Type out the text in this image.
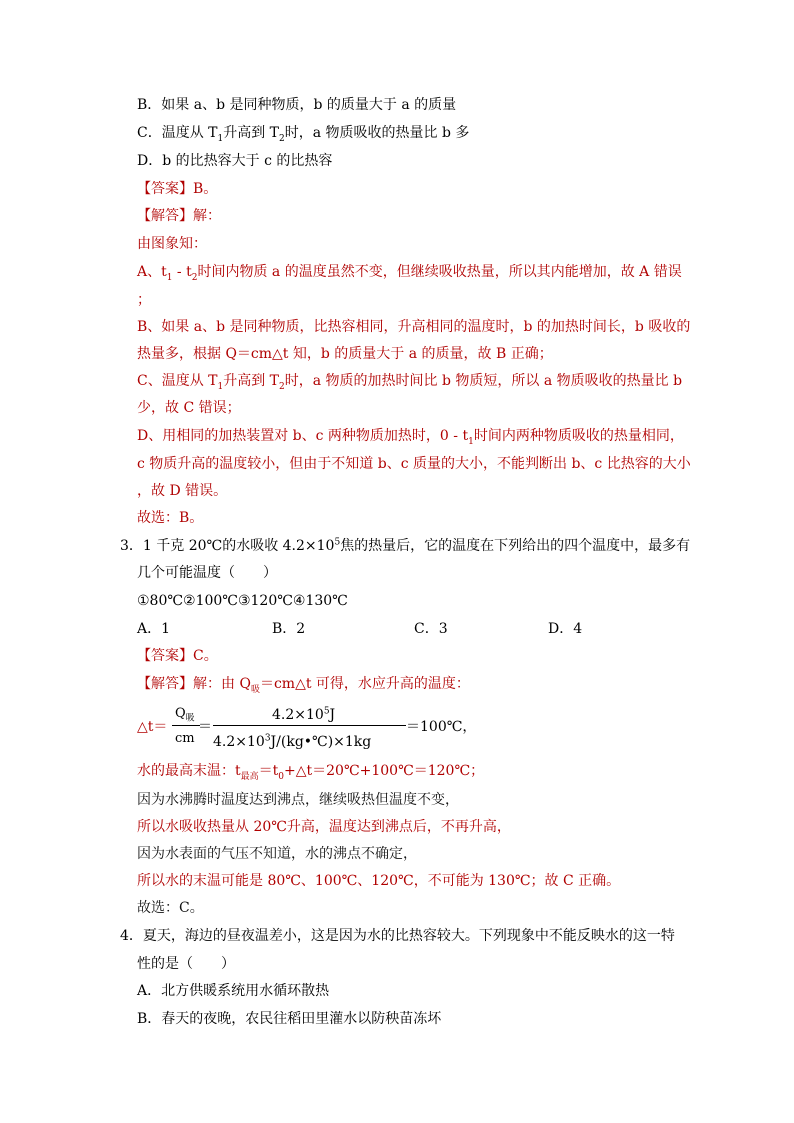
B．如果 a、b 是同种物质，b 的质量大于 a 的质量
C．温度从 $T_1$升高到 $T_2$时，a 物质吸收的热量比 b 多
D．b 的比热容大于 c 的比热容
【答案】B。
【解答】解：
由图象知：
A、$t_1 - t_2$时间内物质 a 的温度虽然不变，但继续吸收热量，所以其内能增加，故 A 错误
；
B、如果 a、b 是同种物质，比热容相同，升高相同的温度时，b 的加热时间长，b 吸收的
热量多，根据 Q＝cm△t 知，b 的质量大于 a 的质量，故 B 正确；
C、温度从 $T_1$升高到 $T_2$时，a 物质的加热时间比 b 物质短，所以 a 物质吸收的热量比 b
少，故 C 错误；
D、用相同的加热装置对 b、c 两种物质加热时，$0 - t_1$时间内两种物质吸收的热量相同，
c 物质升高的温度较小，但由于不知道 b、c 质量的大小，不能判断出 b、c 比热容的大小
，故 D 错误。
故选：B。
3．1 千克 20℃的水吸收 $4.2\times 10^5$焦的热量后，它的温度在下列给出的四个温度中，最多有
几个可能温度（　　）
①80℃②100℃③120℃④130℃
A．1	B．2	C．3	D．4
【答案】C。
【解答】解：由 $Q_吸=cm\triangle t$ 可得，水应升高的温度：
△t＝
$Q_吸$
cm
＝
$4.2\times 10^5J$
$4.2\times 10^3J/(kg•℃)\times 1kg$
＝100℃，
水的最高末温：$t_{最高}=t_0+\triangle t=20℃+100℃=120℃$；
因为水沸腾时温度达到沸点，继续吸热但温度不变，
所以水吸收热量从 20℃升高，温度达到沸点后，不再升高，
因为水表面的气压不知道，水的沸点不确定，
所以水的末温可能是 80℃、100℃、120℃，不可能为 130℃；故 C 正确。
故选：C。
4．夏天，海边的昼夜温差小，这是因为水的比热容较大。下列现象中不能反映水的这一特
性的是（　　）
A．北方供暖系统用水循环散热
B．春天的夜晚，农民往稻田里灌水以防秧苗冻坏
